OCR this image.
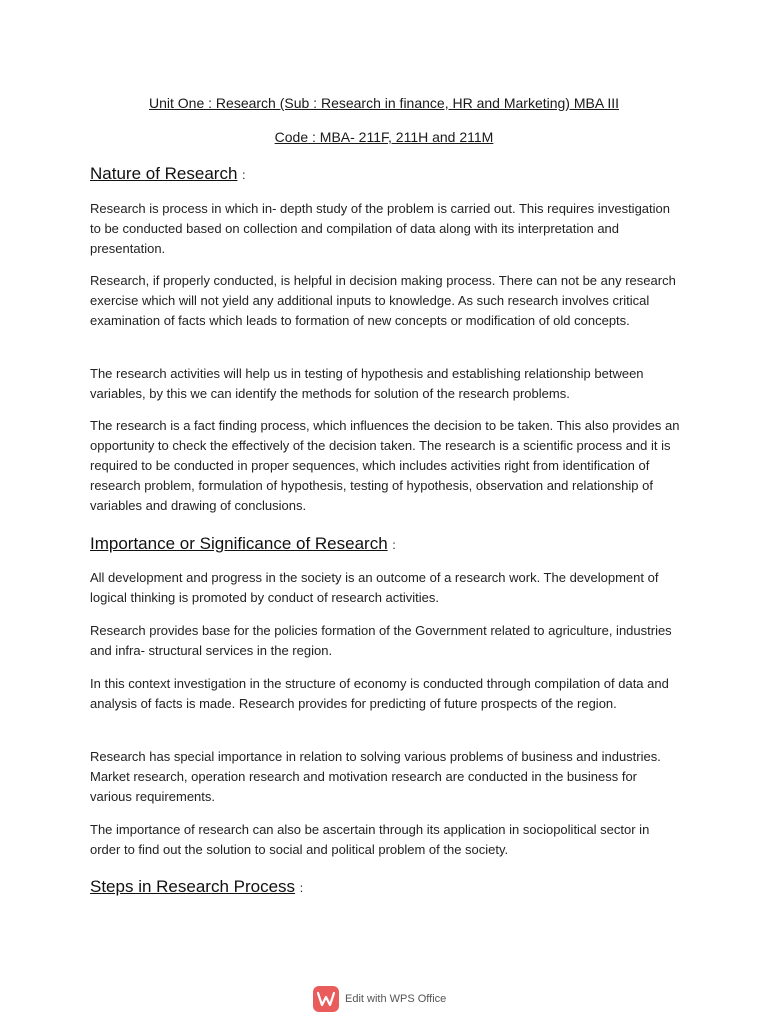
Unit One : Research (Sub : Research in finance, HR and Marketing) MBA III
Code : MBA- 211F, 211H and 211M
Nature of Research :

Research is process in which in- depth study of the problem is carried out. This requires investigation to be conducted based on collection and compilation of data along with its interpretation and presentation.

Research, if properly conducted, is helpful in decision making process. There can not be any research exercise which will not yield any additional inputs to knowledge. As such research involves critical examination of facts which leads to formation of new concepts or modification of old concepts.

The research activities will help us in testing of hypothesis and establishing relationship between variables, by this we can identify the methods for solution of the research problems.

The research is a fact finding process, which influences the decision to be taken. This also provides an opportunity to check the effectively of the decision taken. The research is a scientific process and it is required to be conducted in proper sequences, which includes activities right from identification of research problem, formulation of hypothesis, testing of hypothesis, observation and relationship of variables and drawing of conclusions.

Importance or Significance of Research :

All development and progress in the society is an outcome of a research work. The development of logical thinking is promoted by conduct of research activities.

Research provides base for the policies formation of the Government related to agriculture, industries and infra- structural services in the region.

In this context investigation in the structure of economy is conducted through compilation of data and analysis of facts is made. Research provides for predicting of future prospects of the region.

Research has special importance in relation to solving various problems of business and industries. Market research, operation research and motivation research are conducted in the business for various requirements.

The importance of research can also be ascertain through its application in sociopolitical sector in order to find out the solution to social and political problem of the society.

Steps in Research Process :
Edit with WPS Office
